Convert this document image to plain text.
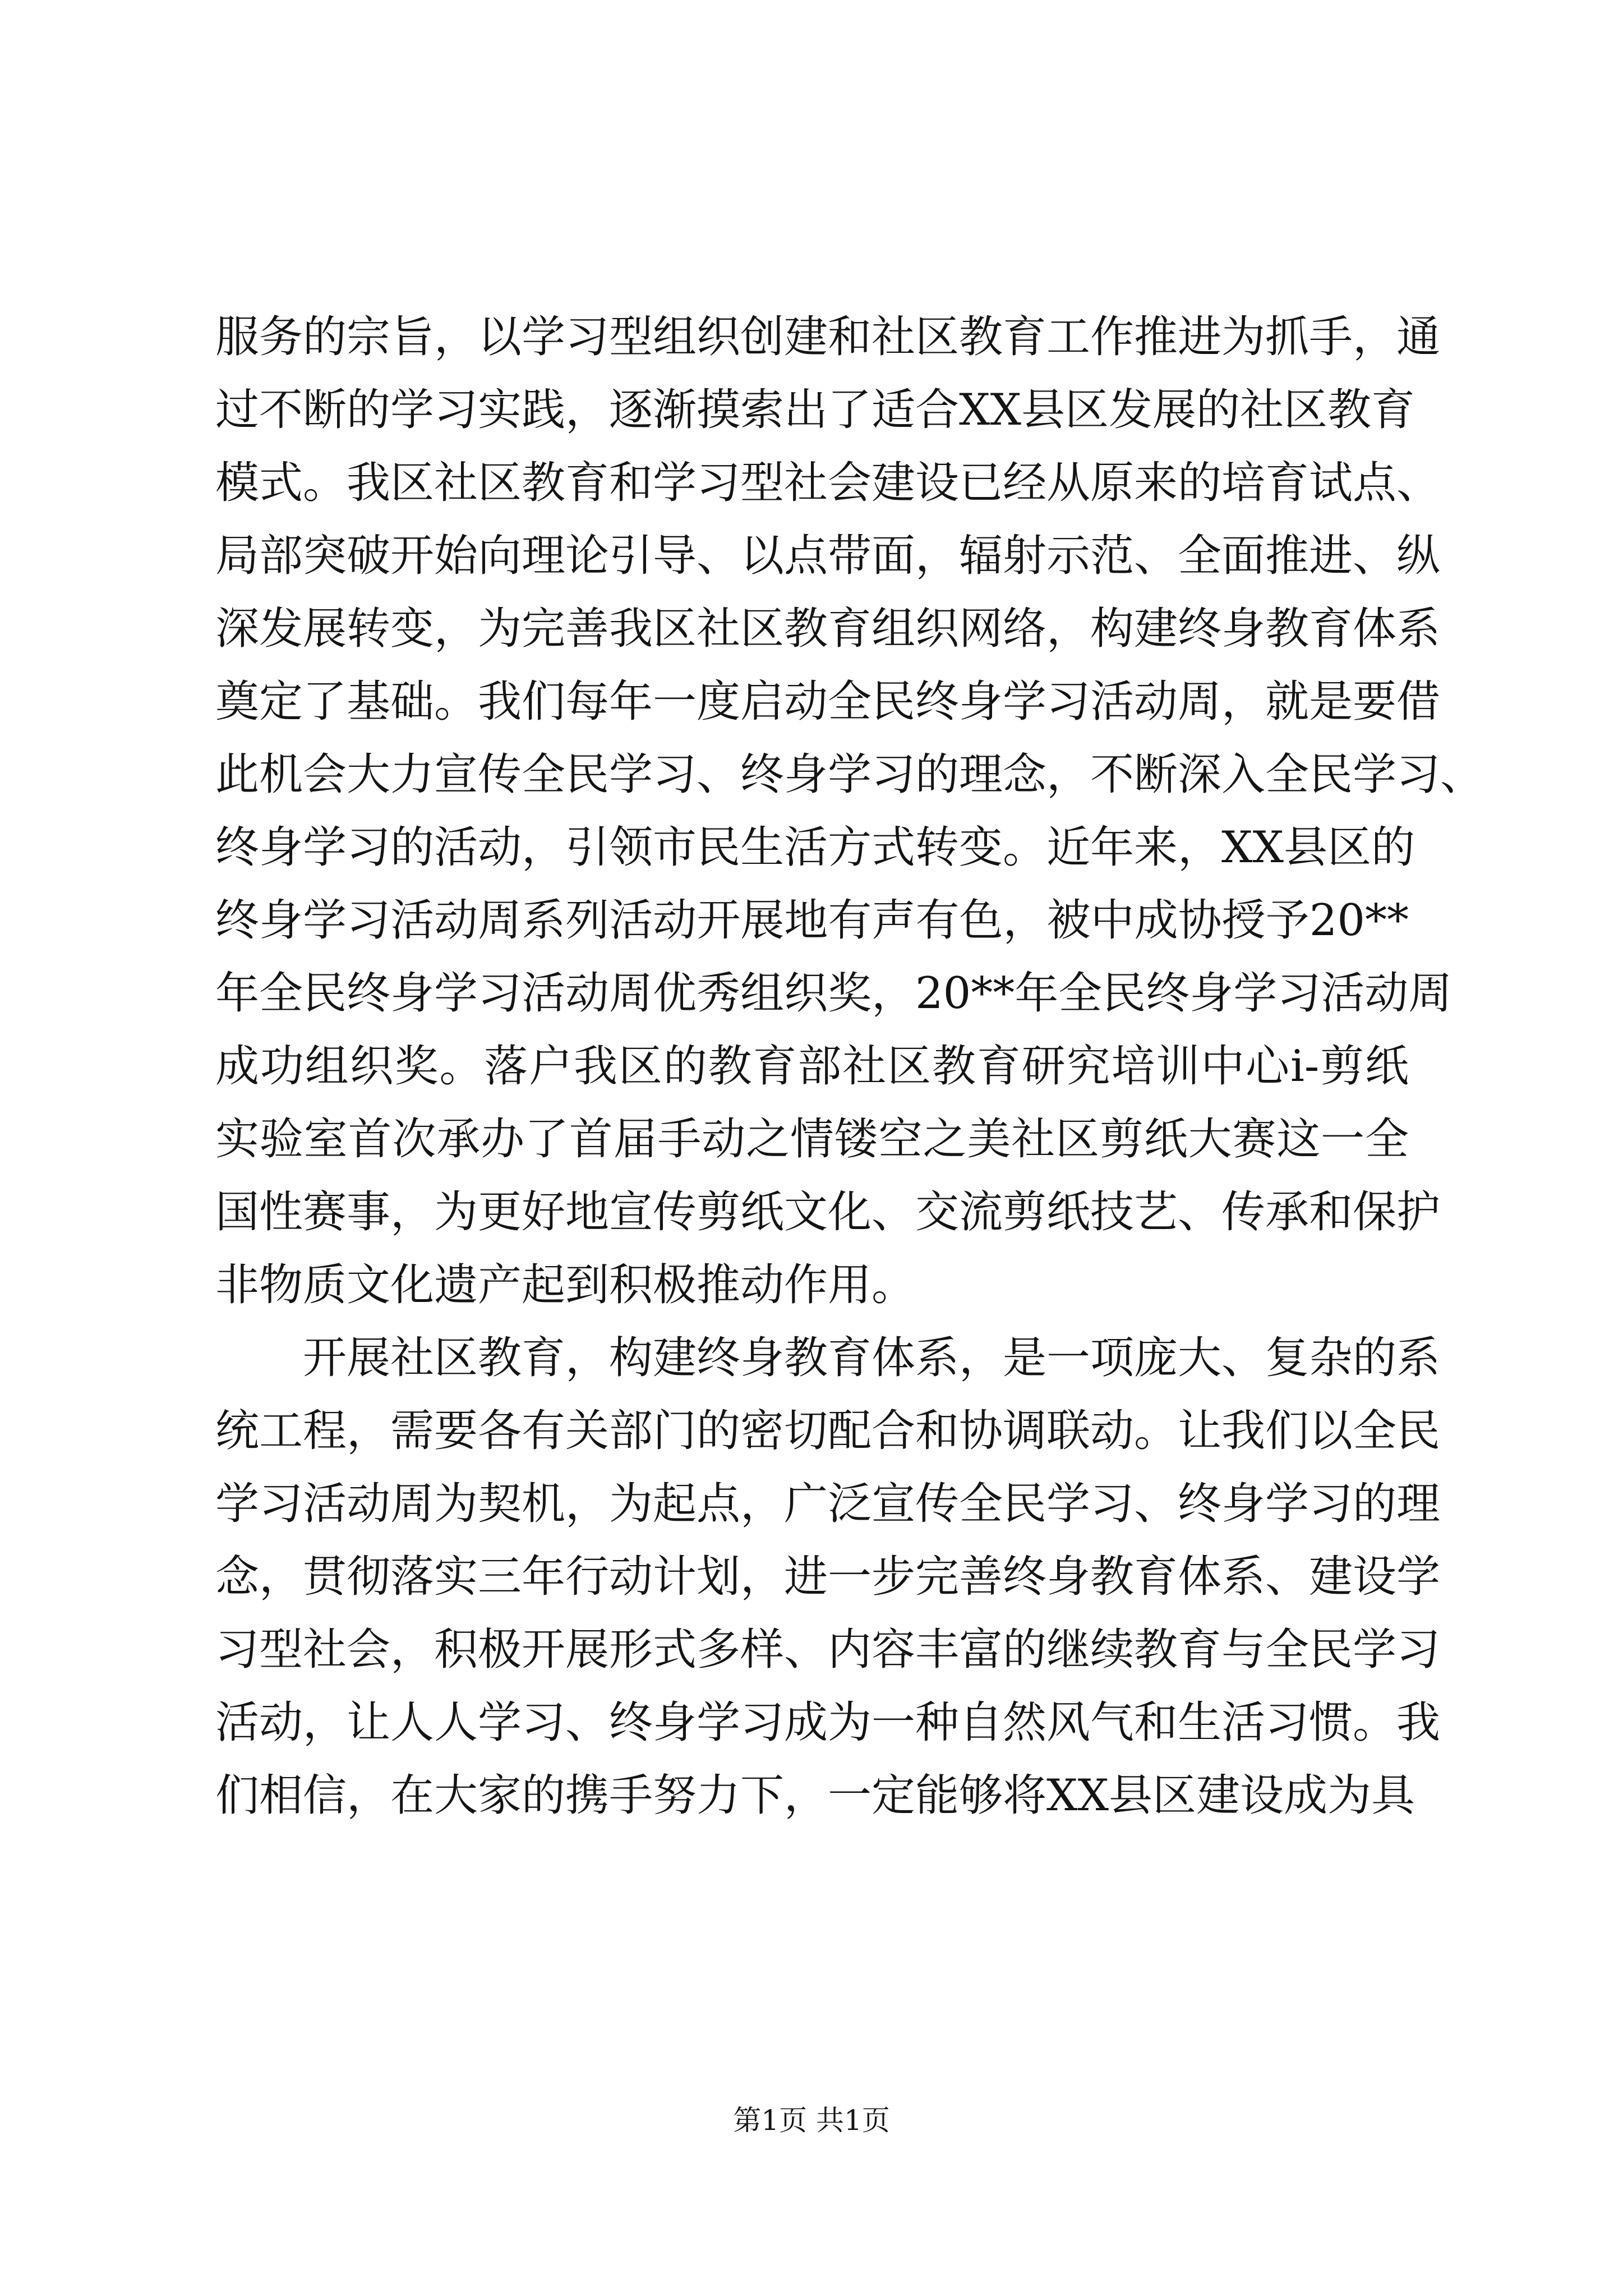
服务的宗旨，以学习型组织创建和社区教育工作推进为抓手，通
过不断的学习实践，逐渐摸索出了适合XX县区发展的社区教育
模式。我区社区教育和学习型社会建设已经从原来的培育试点、
局部突破开始向理论引导、以点带面，辐射示范、全面推进、纵
深发展转变，为完善我区社区教育组织网络，构建终身教育体系
奠定了基础。我们每年一度启动全民终身学习活动周，就是要借
此机会大力宣传全民学习、终身学习的理念，不断深入全民学习、
终身学习的活动，引领市民生活方式转变。近年来，XX县区的
终身学习活动周系列活动开展地有声有色，被中成协授予20**
年全民终身学习活动周优秀组织奖，20**年全民终身学习活动周
成功组织奖。落户我区的教育部社区教育研究培训中心i-剪纸
实验室首次承办了首届手动之情镂空之美社区剪纸大赛这一全
国性赛事，为更好地宣传剪纸文化、交流剪纸技艺、传承和保护
非物质文化遗产起到积极推动作用。
开展社区教育，构建终身教育体系，是一项庞大、复杂的系
统工程，需要各有关部门的密切配合和协调联动。让我们以全民
学习活动周为契机，为起点，广泛宣传全民学习、终身学习的理
念，贯彻落实三年行动计划，进一步完善终身教育体系、建设学
习型社会，积极开展形式多样、内容丰富的继续教育与全民学习
活动，让人人学习、终身学习成为一种自然风气和生活习惯。我
们相信，在大家的携手努力下，一定能够将XX县区建设成为具
第1页 共1页
